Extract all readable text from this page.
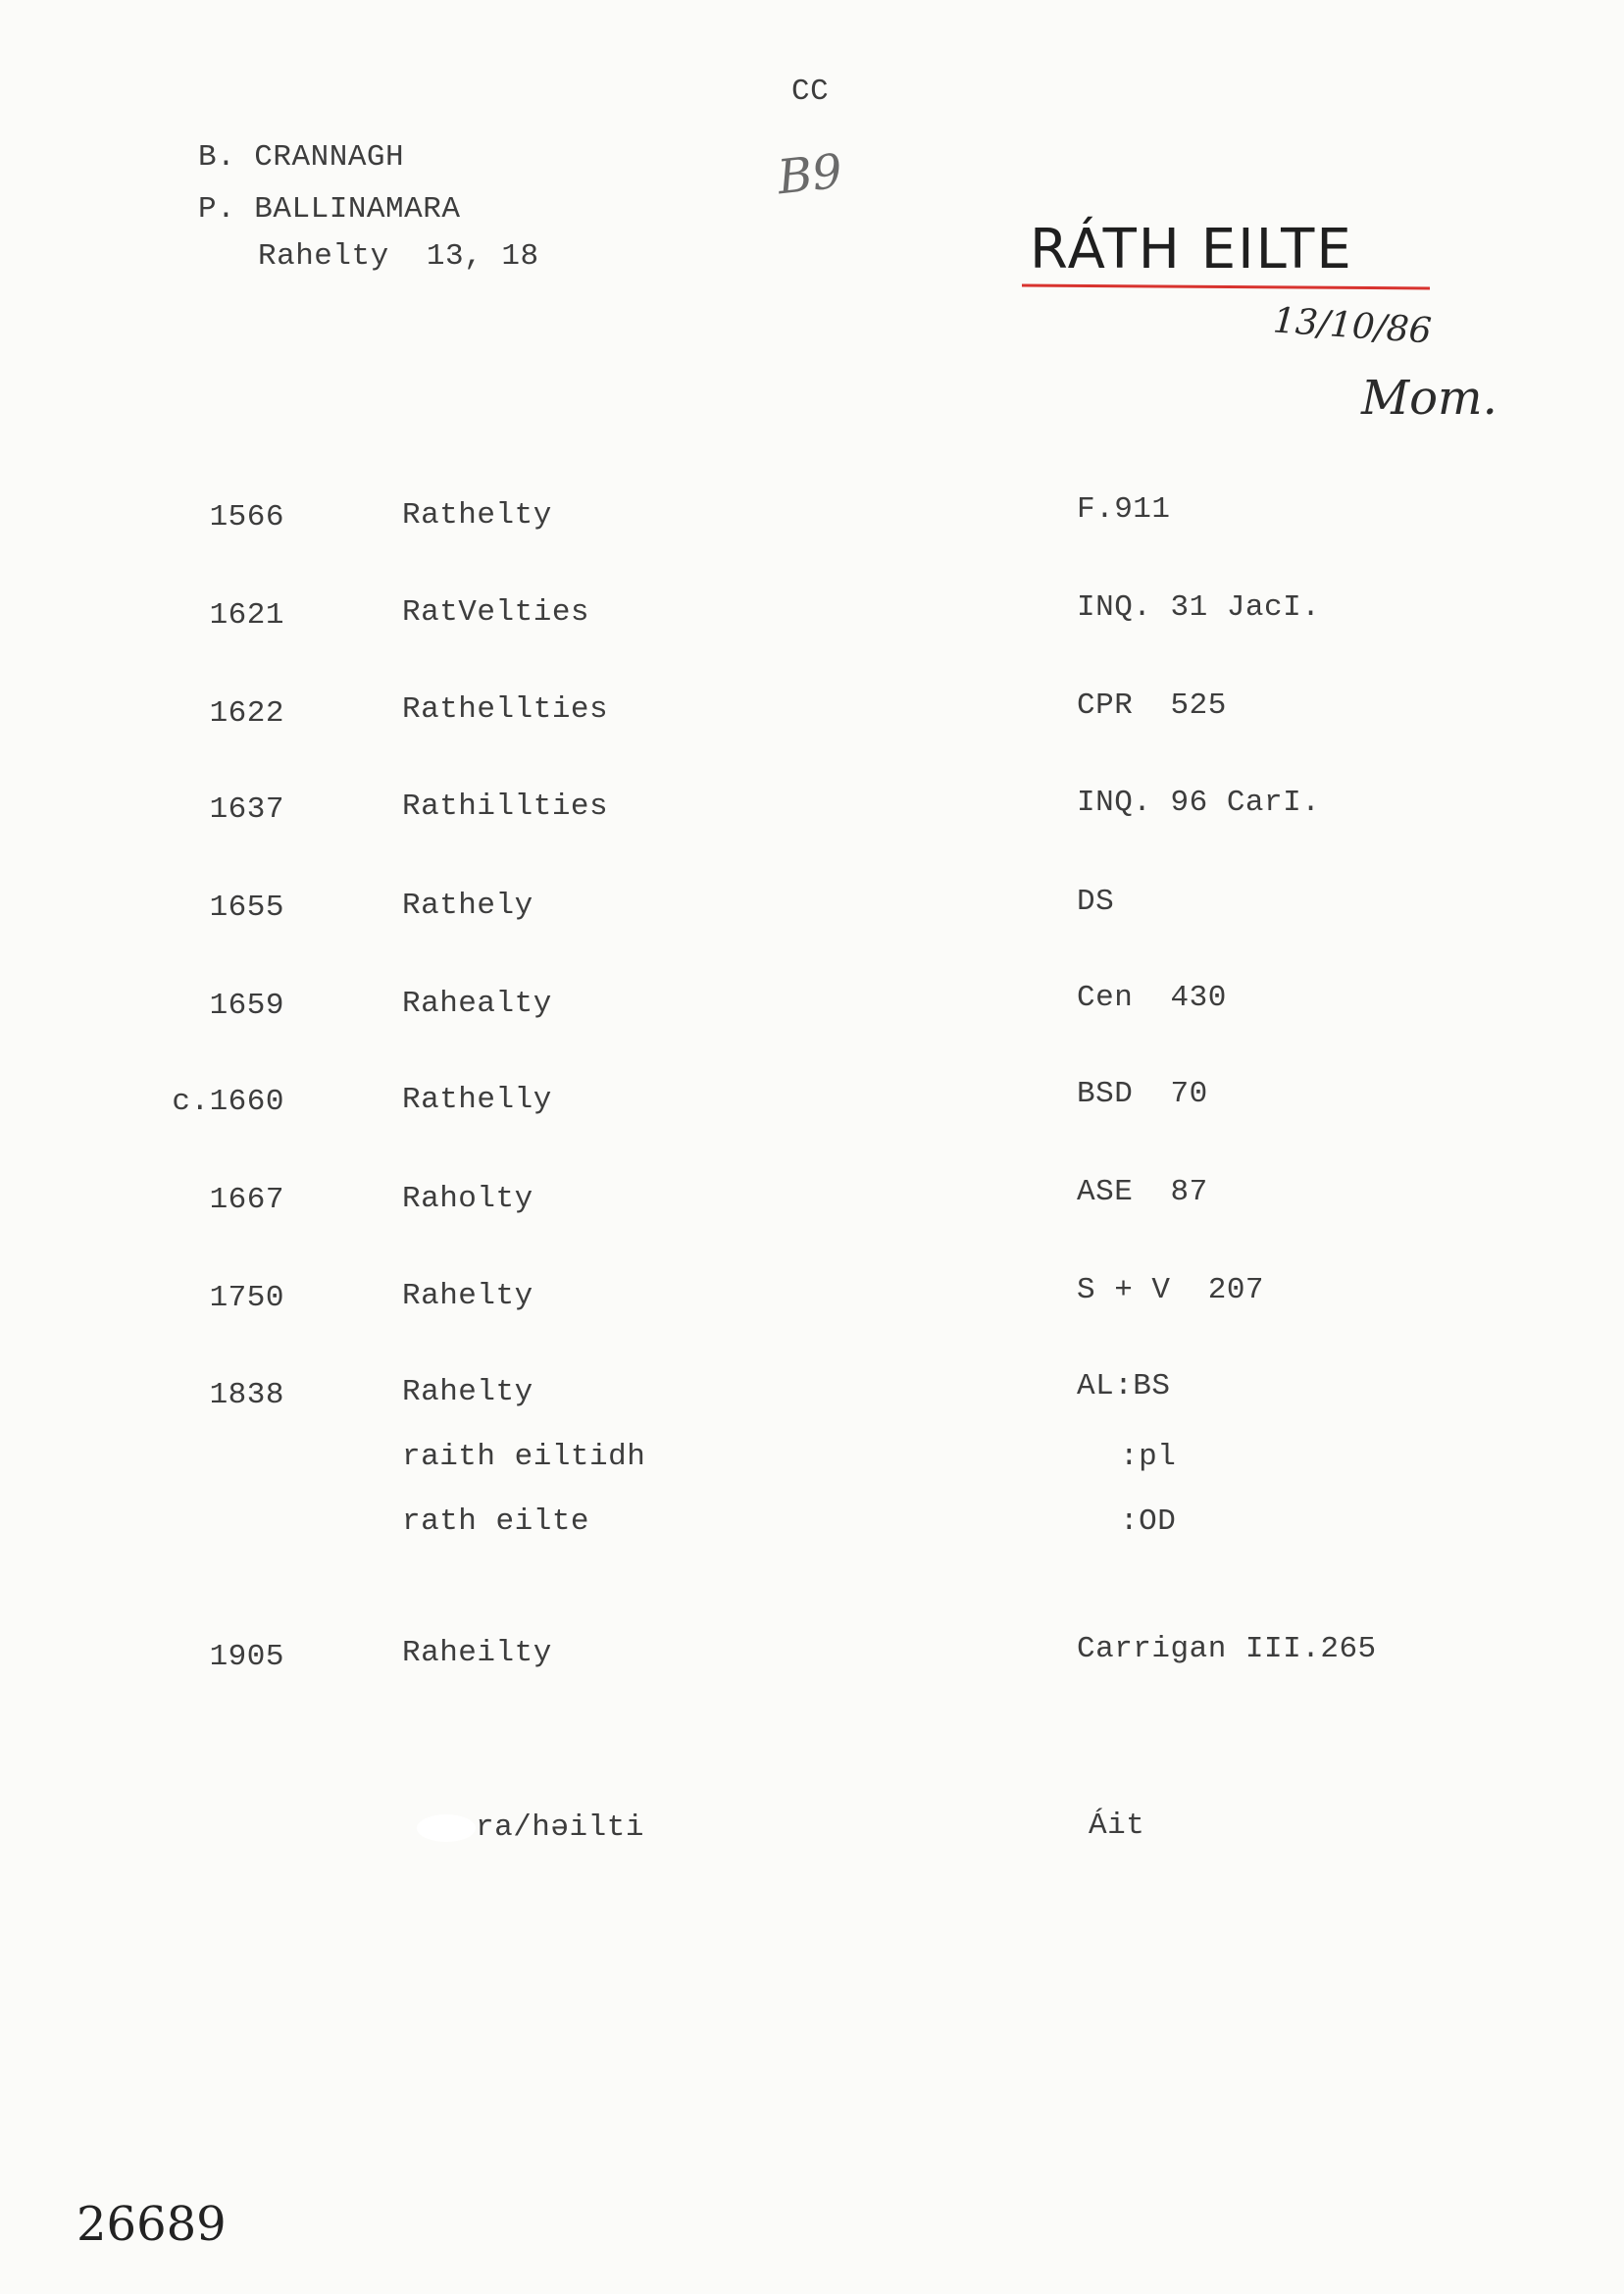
CC
B. CRANNAGH
P. BALLINAMARA
Rahelty  13, 18
B9
RÁTH EILTE
13/10/86
Mom.
1566	Rathelty	F.911
1621	RatVelties	INQ. 31 JacI.
1622	Rathellties	CPR  525
1637	Rathillties	INQ. 96 CarI.
1655	Rathely	DS
1659	Rahealty	Cen  430
c.1660	Rathelly	BSD  70
1667	Raholty	ASE  87
1750	Rahelty	S + V  207
1838	Rahelty	AL:BS
raith eiltidh	:pl
rath eilte	:OD
1905	Raheilty	Carrigan III.265
ra/həilti	Áit
26689
